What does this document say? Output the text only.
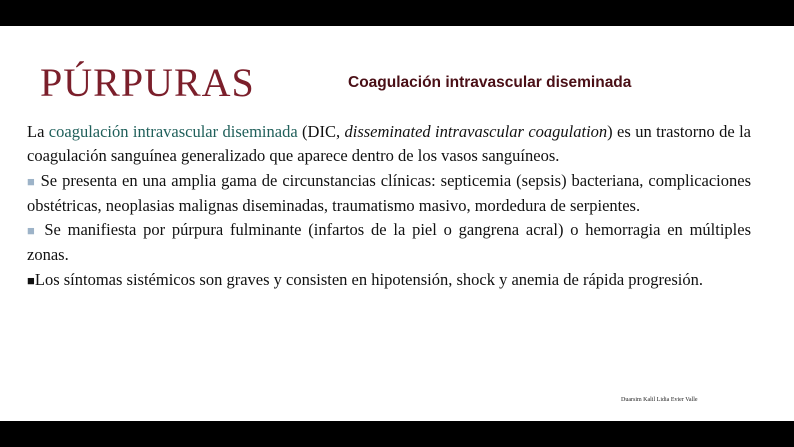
PÚRPURAS	Coagulación intravascular diseminada

La coagulación intravascular diseminada (DIC, disseminated intravascular coagulation) es un trastorno de la coagulación sanguínea generalizado que aparece dentro de los vasos sanguíneos.

■ Se presenta en una amplia gama de circunstancias clínicas: septicemia (sepsis) bacteriana, complicaciones obstétricas, neoplasias malignas diseminadas, traumatismo masivo, mordedura de serpientes.

■ Se manifiesta por púrpura fulminante (infartos de la piel o gangrena acral) o hemorragia en múltiples zonas.

■Los síntomas sistémicos son graves y consisten en hipotensión, shock y anemia de rápida progresión.

Duarsim Kalil Lidia Evier Valle
